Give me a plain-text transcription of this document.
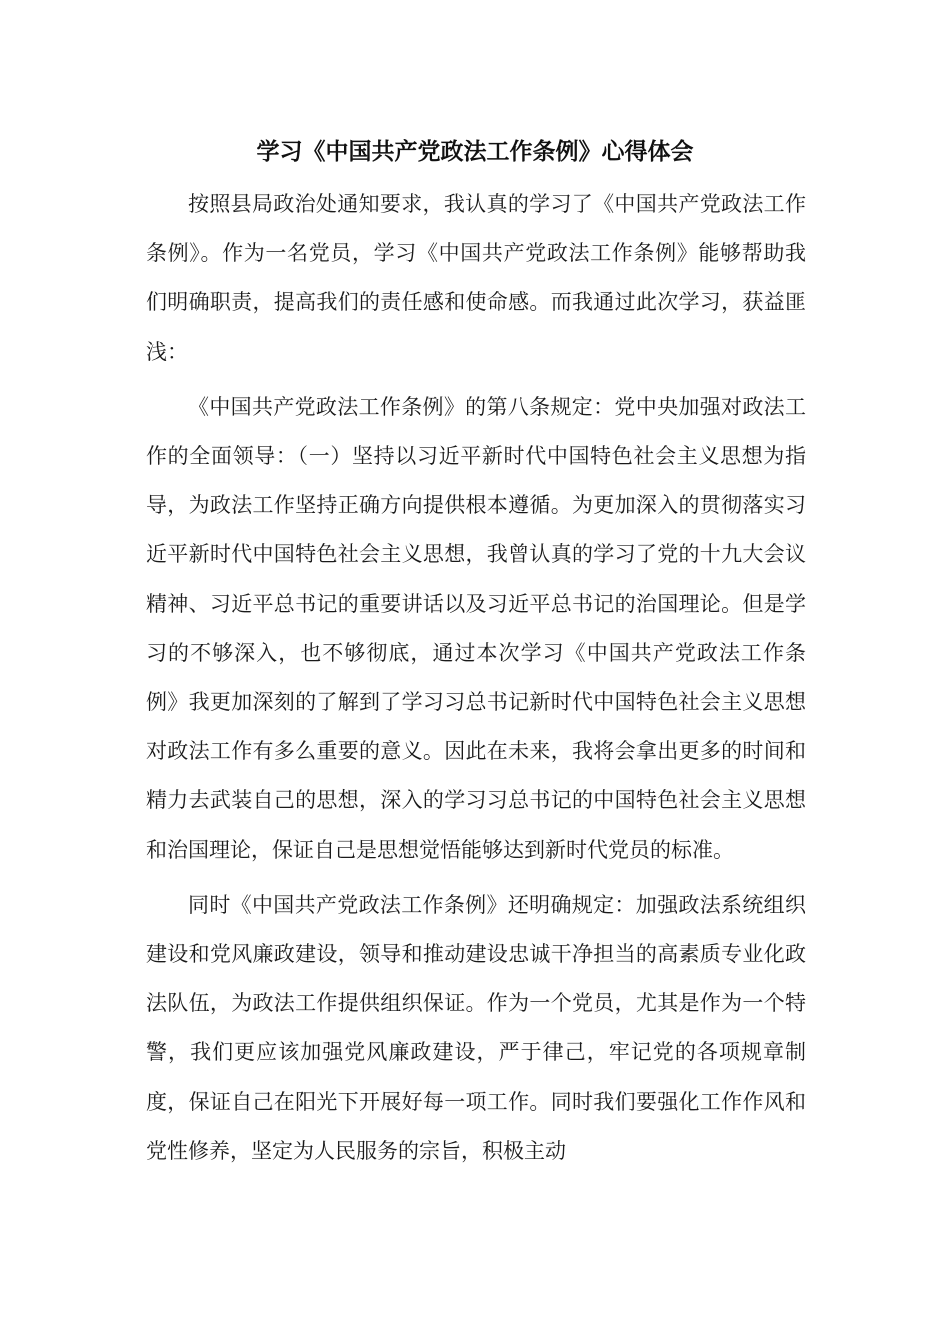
学习《中国共产党政法工作条例》心得体会

按照县局政治处通知要求，我认真的学习了《中国共产党政法工作条例》。作为一名党员，学习《中国共产党政法工作条例》能够帮助我们明确职责，提高我们的责任感和使命感。而我通过此次学习，获益匪浅：

《中国共产党政法工作条例》的第八条规定：党中央加强对政法工作的全面领导：（一）坚持以习近平新时代中国特色社会主义思想为指导，为政法工作坚持正确方向提供根本遵循。为更加深入的贯彻落实习近平新时代中国特色社会主义思想，我曾认真的学习了党的十九大会议精神、习近平总书记的重要讲话以及习近平总书记的治国理论。但是学习的不够深入，也不够彻底，通过本次学习《中国共产党政法工作条例》我更加深刻的了解到了学习习总书记新时代中国特色社会主义思想对政法工作有多么重要的意义。因此在未来，我将会拿出更多的时间和精力去武装自己的思想，深入的学习习总书记的中国特色社会主义思想和治国理论，保证自己是思想觉悟能够达到新时代党员的标准。

同时《中国共产党政法工作条例》还明确规定：加强政法系统组织建设和党风廉政建设，领导和推动建设忠诚干净担当的高素质专业化政法队伍，为政法工作提供组织保证。作为一个党员，尤其是作为一个特警，我们更应该加强党风廉政建设，严于律己，牢记党的各项规章制度，保证自己在阳光下开展好每一项工作。同时我们要强化工作作风和党性修养，坚定为人民服务的宗旨，积极主动
